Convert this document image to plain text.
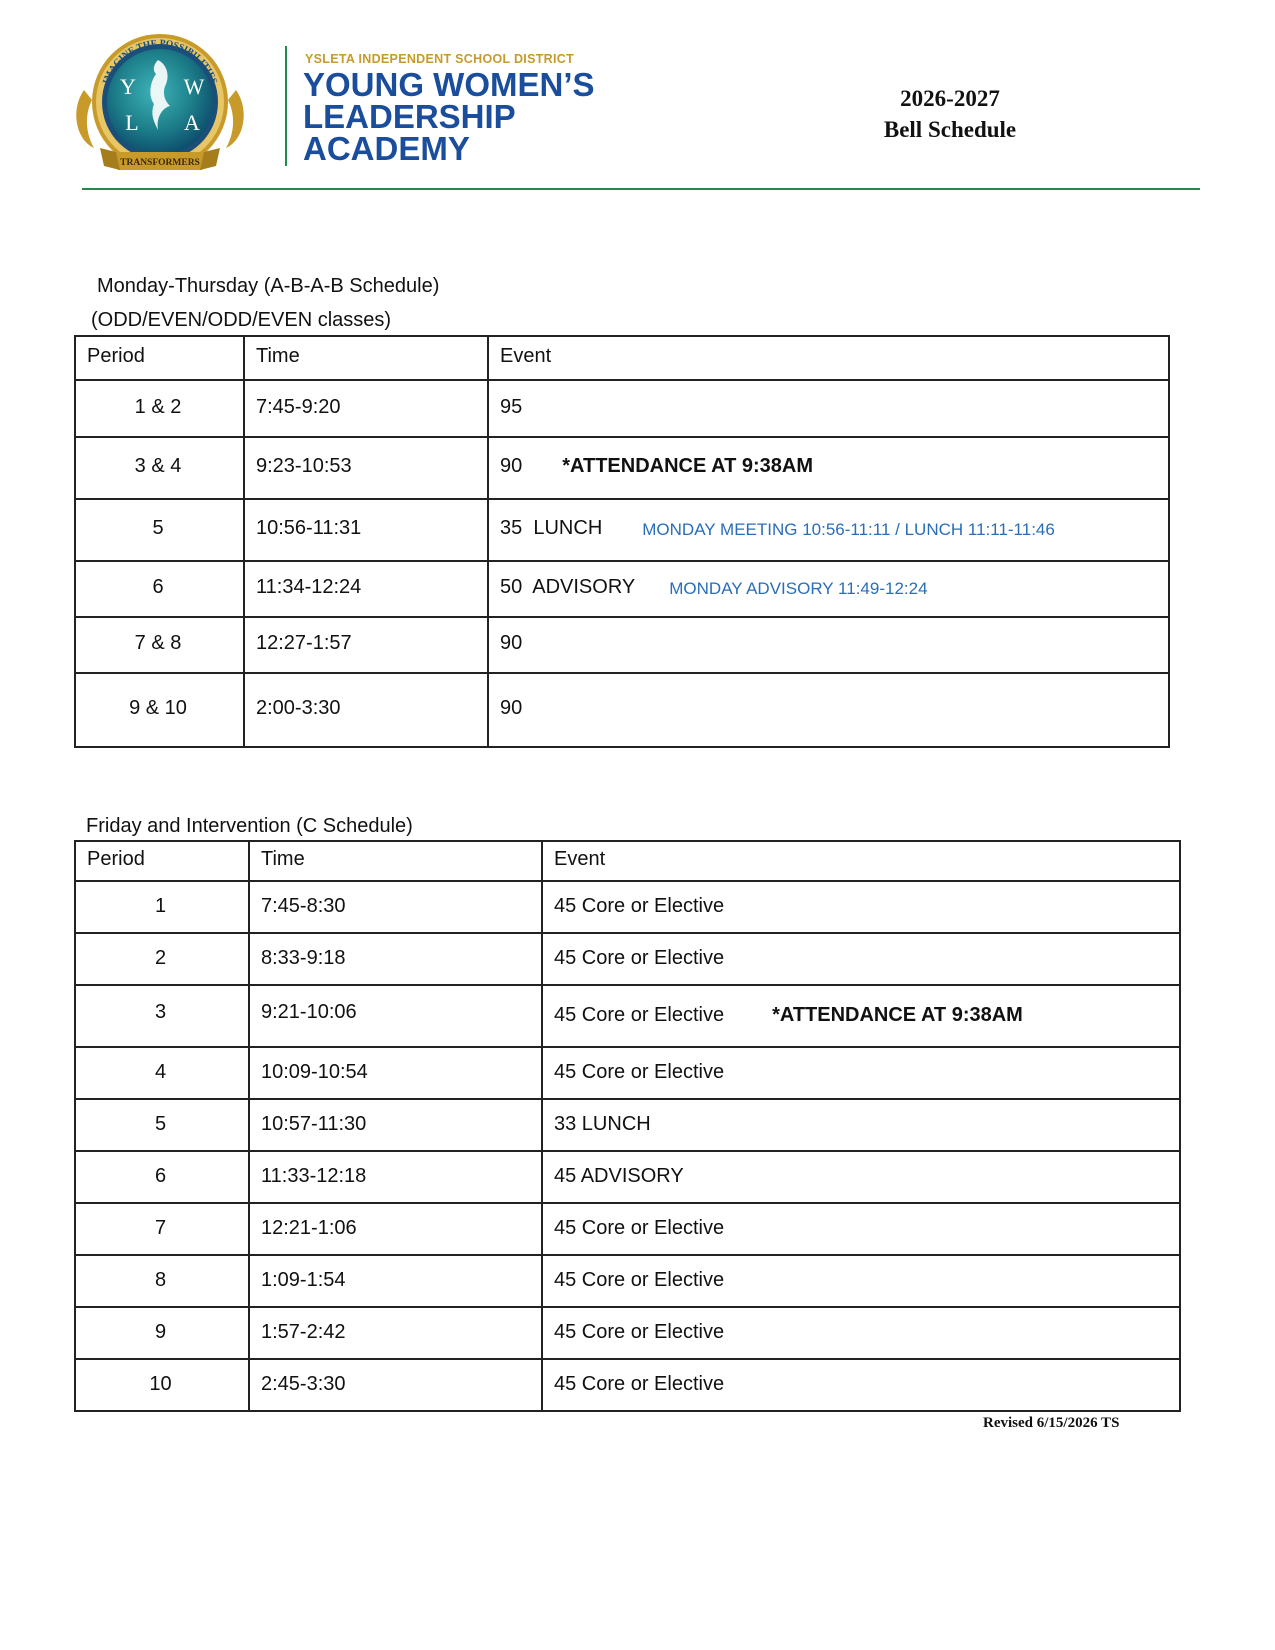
Y W
L A
IMAGINE THE POSSIBILITIES
TRANSFORMERS
YSLETA INDEPENDENT SCHOOL DISTRICT
YOUNG WOMEN’S
LEADERSHIP
ACADEMY
2026-2027
Bell Schedule
Monday-Thursday (A-B-A-B Schedule)
(ODD/EVEN/ODD/EVEN classes)
Period	Time	Event

1 & 2	7:45-9:20	95

3 & 4	9:23-10:53	90 *ATTENDANCE AT 9:38AM

5	10:56-11:31	35  LUNCH MONDAY MEETING 10:56-11:11 / LUNCH 11:11-11:46

6	11:34-12:24	50  ADVISORY MONDAY ADVISORY 11:49-12:24

7 & 8	12:27-1:57	90

9 & 10	2:00-3:30	90
Friday and Intervention (C Schedule)
Period	Time	Event

1	7:45-8:30	45 Core or Elective

2	8:33-9:18	45 Core or Elective

3	9:21-10:06	45 Core or Elective *ATTENDANCE AT 9:38AM

4	10:09-10:54	45 Core or Elective

5	10:57-11:30	33 LUNCH

6	11:33-12:18	45 ADVISORY

7	12:21-1:06	45 Core or Elective

8	1:09-1:54	45 Core or Elective

9	1:57-2:42	45 Core or Elective

10	2:45-3:30	45 Core or Elective
Revised 6/15/2026 TS
